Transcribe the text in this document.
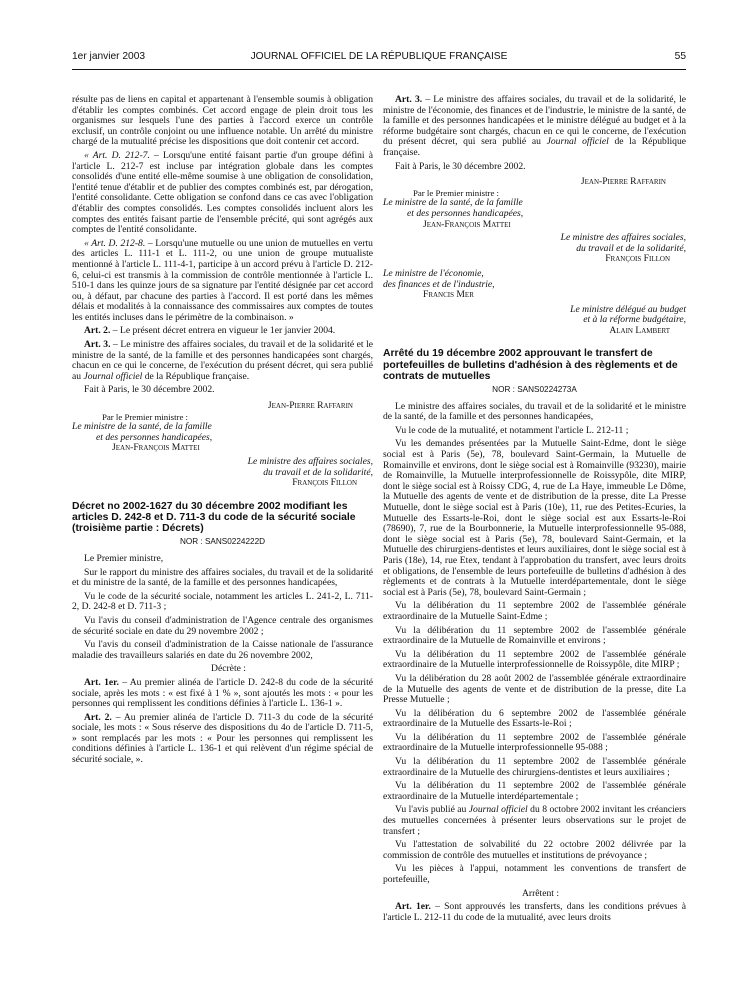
1er janvier 2003	JOURNAL OFFICIEL DE LA RÉPUBLIQUE FRANÇAISE	55

résulte pas de liens en capital et appartenant à l'ensemble soumis à obligation d'établir les comptes combinés. Cet accord engage de plein droit tous les organismes sur lesquels l'une des parties à l'accord exerce un contrôle exclusif, un contrôle conjoint ou une influence notable. Un arrêté du ministre chargé de la mutualité précise les dispositions que doit contenir cet accord.

« Art. D. 212-7. – Lorsqu'une entité faisant partie d'un groupe défini à l'article L. 212-7 est incluse par intégration globale dans les comptes consolidés d'une entité elle-même soumise à une obligation de consolidation, l'entité tenue d'établir et de publier des comptes combinés est, par dérogation, l'entité consolidante. Cette obligation se confond dans ce cas avec l'obligation d'établir des comptes consolidés. Les comptes consolidés incluent alors les comptes des entités faisant partie de l'ensemble précité, qui sont agrégés aux comptes de l'entité consolidante.

« Art. D. 212-8. – Lorsqu'une mutuelle ou une union de mutuelles en vertu des articles L. 111-1 et L. 111-2, ou une union de groupe mutualiste mentionné à l'article L. 111-4-1, participe à un accord prévu à l'article D. 212-6, celui-ci est transmis à la commission de contrôle mentionnée à l'article L. 510-1 dans les quinze jours de sa signature par l'entité désignée par cet accord ou, à défaut, par chacune des parties à l'accord. Il est porté dans les mêmes délais et modalités à la connaissance des commissaires aux comptes de toutes les entités incluses dans le périmètre de la combinaison. »

Art. 2. – Le présent décret entrera en vigueur le 1er janvier 2004.

Art. 3. – Le ministre des affaires sociales, du travail et de la solidarité et le ministre de la santé, de la famille et des personnes handicapées sont chargés, chacun en ce qui le concerne, de l'exécution du présent décret, qui sera publié au Journal officiel de la République française.

Fait à Paris, le 30 décembre 2002.

Jean-Pierre Raffarin
Par le Premier ministre :
Le ministre de la santé, de la famille
et des personnes handicapées,
Jean-François Mattei
Le ministre des affaires sociales,
du travail et de la solidarité,
François Fillon
Décret no 2002-1627 du 30 décembre 2002 modifiant les articles D. 242-8 et D. 711-3 du code de la sécurité sociale (troisième partie : Décrets)
NOR : SANS0224222D

Le Premier ministre,

Sur le rapport du ministre des affaires sociales, du travail et de la solidarité et du ministre de la santé, de la famille et des personnes handicapées,

Vu le code de la sécurité sociale, notamment les articles L. 241-2, L. 711-2, D. 242-8 et D. 711-3 ;

Vu l'avis du conseil d'administration de l'Agence centrale des organismes de sécurité sociale en date du 29 novembre 2002 ;

Vu l'avis du conseil d'administration de la Caisse nationale de l'assurance maladie des travailleurs salariés en date du 26 novembre 2002,

Décrète :

Art. 1er. – Au premier alinéa de l'article D. 242-8 du code de la sécurité sociale, après les mots : « est fixé à 1 % », sont ajoutés les mots : « pour les personnes qui remplissent les conditions définies à l'article L. 136-1 ».

Art. 2. – Au premier alinéa de l'article D. 711-3 du code de la sécurité sociale, les mots : « Sous réserve des dispositions du 4o de l'article D. 711-5, » sont remplacés par les mots : « Pour les personnes qui remplissent les conditions définies à l'article L. 136-1 et qui relèvent d'un régime spécial de sécurité sociale, ».

Art. 3. – Le ministre des affaires sociales, du travail et de la solidarité, le ministre de l'économie, des finances et de l'industrie, le ministre de la santé, de la famille et des personnes handicapées et le ministre délégué au budget et à la réforme budgétaire sont chargés, chacun en ce qui le concerne, de l'exécution du présent décret, qui sera publié au Journal officiel de la République française.

Fait à Paris, le 30 décembre 2002.

Jean-Pierre Raffarin
Par le Premier ministre :
Le ministre de la santé, de la famille
et des personnes handicapées,
Jean-François Mattei
Le ministre des affaires sociales,
du travail et de la solidarité,
François Fillon
Le ministre de l'économie,
des finances et de l'industrie,
Francis Mer
Le ministre délégué au budget
et à la réforme budgétaire,
Alain Lambert
Arrêté du 19 décembre 2002 approuvant le transfert de portefeuilles de bulletins d'adhésion à des règlements et de contrats de mutuelles
NOR : SANS0224273A

Le ministre des affaires sociales, du travail et de la solidarité et le ministre de la santé, de la famille et des personnes handicapées,

Vu le code de la mutualité, et notamment l'article L. 212-11 ;

Vu les demandes présentées par la Mutuelle Saint-Edme, dont le siège social est à Paris (5e), 78, boulevard Saint-Germain, la Mutuelle de Romainville et environs, dont le siège social est à Romainville (93230), mairie de Romainville, la Mutuelle interprofessionnelle de Roissypôle, dite MIRP, dont le siège social est à Roissy CDG, 4, rue de La Haye, immeuble Le Dôme, la Mutuelle des agents de vente et de distribution de la presse, dite La Presse Mutuelle, dont le siège social est à Paris (10e), 11, rue des Petites-Ecuries, la Mutuelle des Essarts-le-Roi, dont le siège social est aux Essarts-le-Roi (78690), 7, rue de la Bourbonnerie, la Mutuelle interprofessionnelle 95-088, dont le siège social est à Paris (5e), 78, boulevard Saint-Germain, et la Mutuelle des chirurgiens-dentistes et leurs auxiliaires, dont le siège social est à Paris (18e), 14, rue Etex, tendant à l'approbation du transfert, avec leurs droits et obligations, de l'ensemble de leurs portefeuille de bulletins d'adhésion à des règlements et de contrats à la Mutuelle interdépartementale, dont le siège social est à Paris (5e), 78, boulevard Saint-Germain ;

Vu la délibération du 11 septembre 2002 de l'assemblée générale extraordinaire de la Mutuelle Saint-Edme ;

Vu la délibération du 11 septembre 2002 de l'assemblée générale extraordinaire de la Mutuelle de Romainville et environs ;

Vu la délibération du 11 septembre 2002 de l'assemblée générale extraordinaire de la Mutuelle interprofessionnelle de Roissypôle, dite MIRP ;

Vu la délibération du 28 août 2002 de l'assemblée générale extraordinaire de la Mutuelle des agents de vente et de distribution de la presse, dite La Presse Mutuelle ;

Vu la délibération du 6 septembre 2002 de l'assemblée générale extraordinaire de la Mutuelle des Essarts-le-Roi ;

Vu la délibération du 11 septembre 2002 de l'assemblée générale extraordinaire de la Mutuelle interprofessionnelle 95-088 ;

Vu la délibération du 11 septembre 2002 de l'assemblée générale extraordinaire de la Mutuelle des chirurgiens-dentistes et leurs auxiliaires ;

Vu la délibération du 11 septembre 2002 de l'assemblée générale extraordinaire de la Mutuelle interdépartementale ;

Vu l'avis publié au Journal officiel du 8 octobre 2002 invitant les créanciers des mutuelles concernées à présenter leurs observations sur le projet de transfert ;

Vu l'attestation de solvabilité du 22 octobre 2002 délivrée par la commission de contrôle des mutuelles et institutions de prévoyance ;

Vu les pièces à l'appui, notamment les conventions de transfert de portefeuille,

Arrêtent :

Art. 1er. – Sont approuvés les transferts, dans les conditions prévues à l'article L. 212-11 du code de la mutualité, avec leurs droits
